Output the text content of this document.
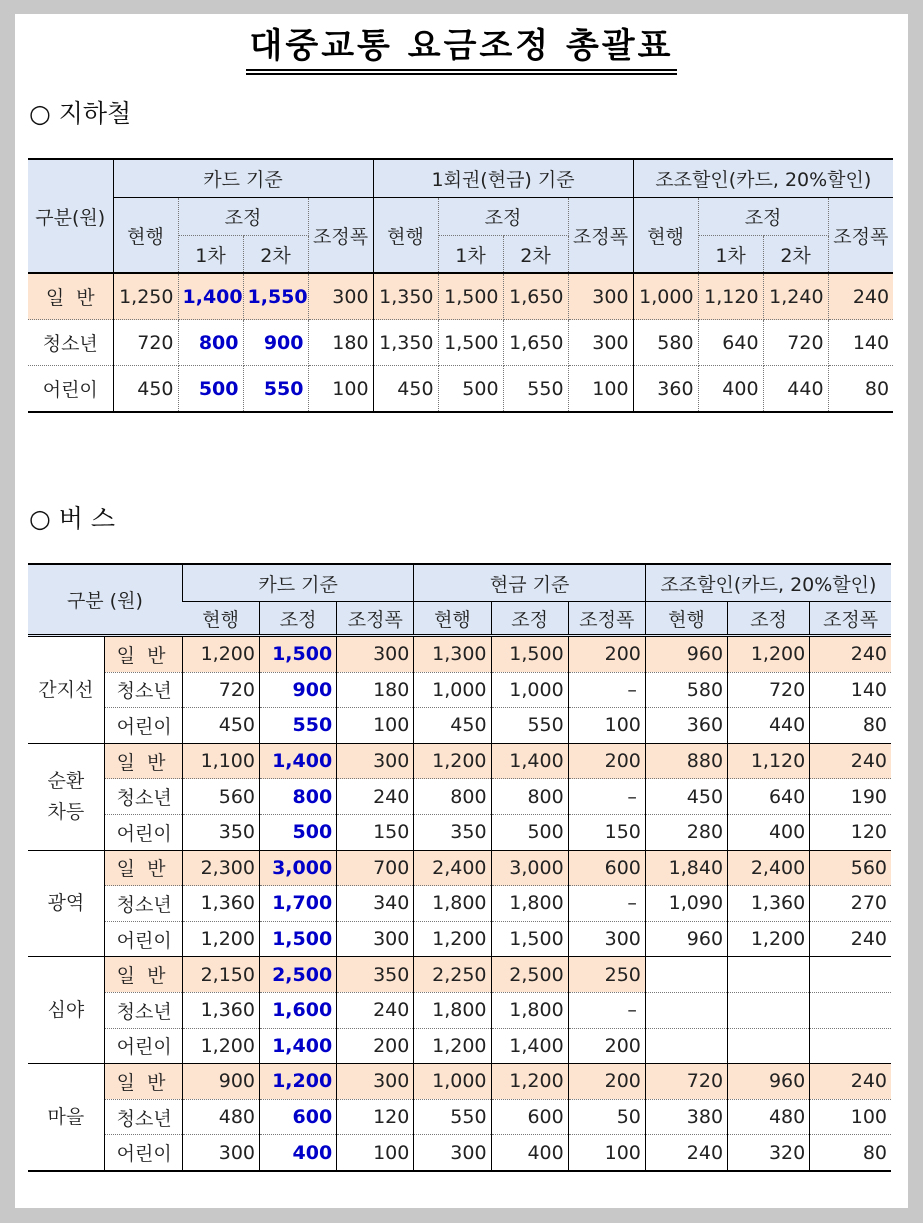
대중교통 요금조정 총괄표
○ 지하철
구분(원)	카드 기준				1회권(현금) 기준				조조할인(카드, 20%할인)			
	현행	조정		조정폭	현행	조정		조정폭	현행	조정		조정폭
		1차	2차			1차	2차			1차	2차	
일  반	1,250	1,400	1,550	300	1,350	1,500	1,650	300	1,000	1,120	1,240	240
청소년	720	800	900	180	1,350	1,500	1,650	300	580	640	720	140
어린이	450	500	550	100	450	500	550	100	360	400	440	80
○ 버 스
구분 (원)		카드 기준			현금 기준			조조할인(카드, 20%할인)		
		현행	조정	조정폭	현행	조정	조정폭	현행	조정	조정폭
간지선	일  반	1,200	1,500	300	1,300	1,500	200	960	1,200	240
	청소년	720	900	180	1,000	1,000	–	580	720	140
	어린이	450	550	100	450	550	100	360	440	80
순환
차등	일  반	1,100	1,400	300	1,200	1,400	200	880	1,120	240
	청소년	560	800	240	800	800	–	450	640	190
	어린이	350	500	150	350	500	150	280	400	120
광역	일  반	2,300	3,000	700	2,400	3,000	600	1,840	2,400	560
	청소년	1,360	1,700	340	1,800	1,800	–	1,090	1,360	270
	어린이	1,200	1,500	300	1,200	1,500	300	960	1,200	240
심야	일  반	2,150	2,500	350	2,250	2,500	250			
	청소년	1,360	1,600	240	1,800	1,800	–			
	어린이	1,200	1,400	200	1,200	1,400	200			
마을	일  반	900	1,200	300	1,000	1,200	200	720	960	240
	청소년	480	600	120	550	600	50	380	480	100
	어린이	300	400	100	300	400	100	240	320	80
